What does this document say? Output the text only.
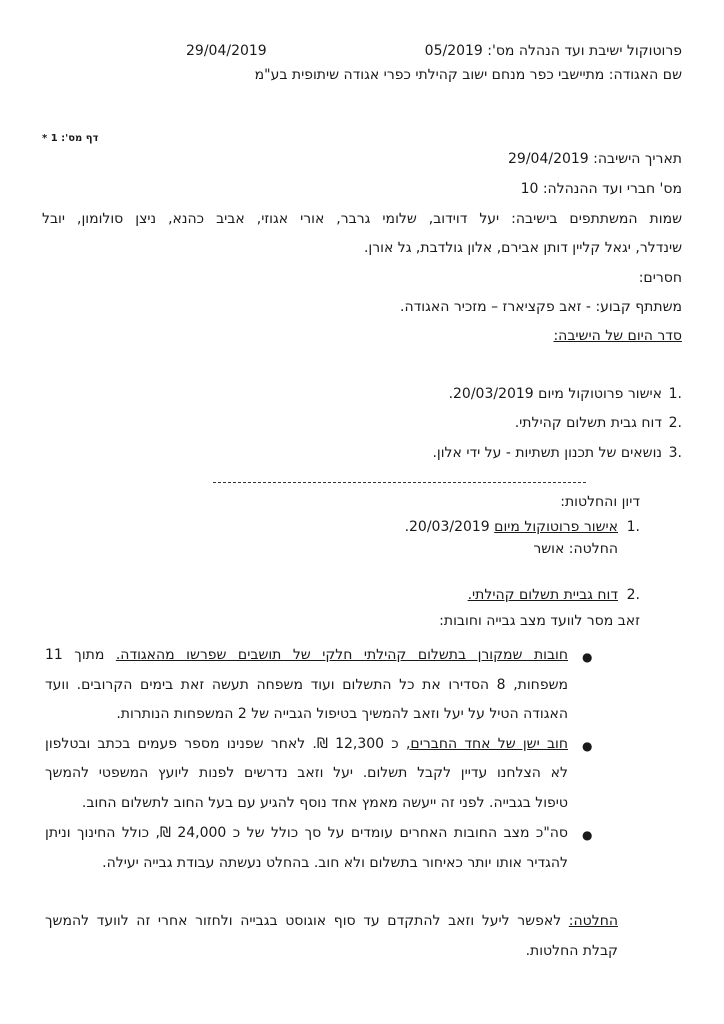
פרוטוקול ישיבת ועד הנהלה מס': 05/2019
29/04/2019
שם האגודה: מתיישבי כפר מנחם ישוב קהילתי כפרי אגודה שיתופית בע"מ
דף מס': 1 *
תאריך הישיבה: 29/04/2019
מס' חברי ועד ההנהלה: 10
שמות המשתתפים בישיבה: יעל דוידוב, שלומי גרבר, אורי אגוזי, אביב כהנא, ניצן סולומון, יובל
שינדלר, יגאל קליין דותן אבירם, אלון גולדבת, גל אורן.
חסרים:
משתתף קבוע: - זאב פקציארז – מזכיר האגודה.
סדר היום של הישיבה:
1.
אישור פרוטוקול מיום 20/03/2019.
2.
דוח גבית תשלום קהילתי.
3.
נושאים של תכנון תשתיות - על ידי אלון.
דיון והחלטות:
1.
אישור פרוטוקול מיום 20/03/2019.
החלטה: אושר
2.
דוח גביית תשלום קהילתי.
זאב מסר לוועד מצב גבייה וחובות:
●
חובות שמקורן בתשלום קהילתי חלקי של תושבים שפרשו מהאגודה. מתוך 11
משפחות, 8 הסדירו את כל התשלום ועוד משפחה תעשה זאת בימים הקרובים. וועד
האגודה הטיל על יעל וזאב להמשיך בטיפול הגבייה של 2 המשפחות הנותרות.
●
חוב ישן של אחד החברים, כ 12,300 ₪. לאחר שפנינו מספר פעמים בכתב ובטלפון
לא הצלחנו עדיין לקבל תשלום. יעל וזאב נדרשים לפנות ליועץ המשפטי להמשך
טיפול בגבייה. לפני זה ייעשה מאמץ אחד נוסף להגיע עם בעל החוב לתשלום החוב.
●
סה"כ מצב החובות האחרים עומדים על סך כולל של כ 24,000 ₪, כולל החינוך וניתן
להגדיר אותו יותר כאיחור בתשלום ולא חוב. בהחלט נעשתה עבודת גבייה יעילה.
החלטה: לאפשר ליעל וזאב להתקדם עד סוף אוגוסט בגבייה ולחזור אחרי זה לוועד להמשך
קבלת החלטות.
